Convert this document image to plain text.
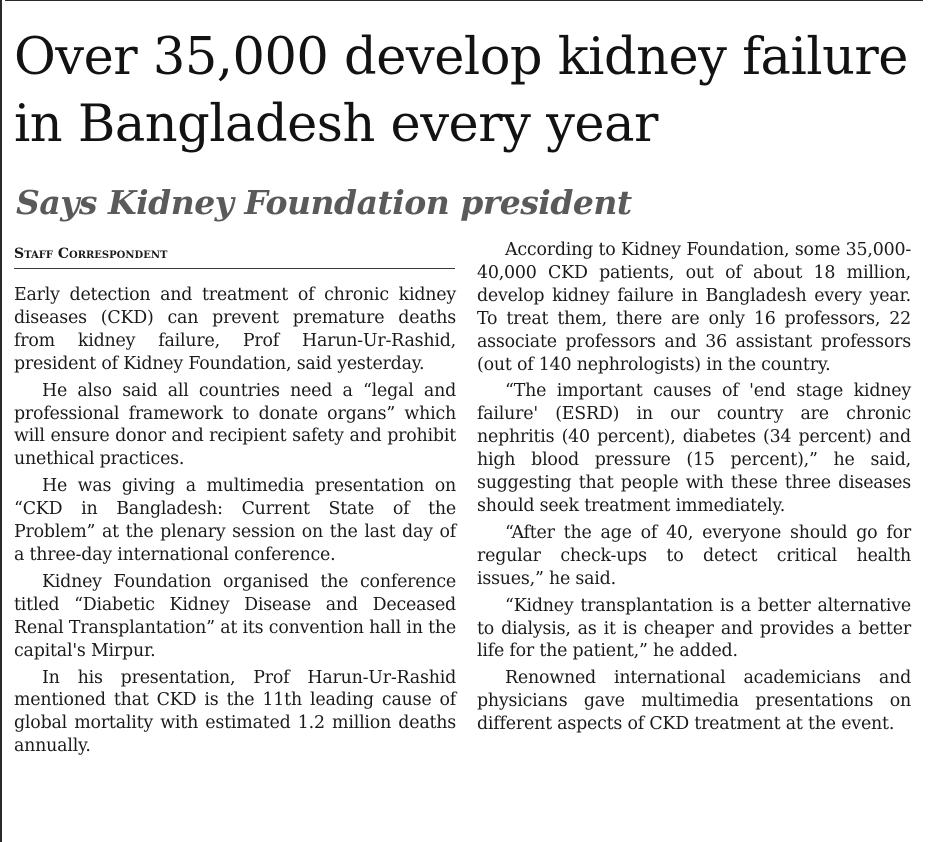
Over 35,000 develop kidney failure in Bangladesh every year
Says Kidney Foundation president
Staff Correspondent

Early detection and treatment of chronic kidney diseases (CKD) can prevent premature deaths from kidney failure, Prof Harun-Ur-Rashid, president of Kidney Foundation, said yesterday.

He also said all countries need a “legal and professional framework to donate organs” which will ensure donor and recipient safety and prohibit unethical practices.

He was giving a multimedia presentation on “CKD in Bangladesh: Current State of the Problem” at the plenary session on the last day of a three-day international conference.

Kidney Foundation organised the conference titled “Diabetic Kidney Disease and Deceased Renal Transplantation” at its convention hall in the capital's Mirpur.

In his presentation, Prof Harun-Ur-Rashid mentioned that CKD is the 11th leading cause of global mortality with estimated 1.2 million deaths annually.

According to Kidney Foundation, some 35,000-40,000 CKD patients, out of about 18 million, develop kidney failure in Bangladesh every year. To treat them, there are only 16 professors, 22 associate professors and 36 assistant professors (out of 140 nephrologists) in the country.

“The important causes of 'end stage kidney failure' (ESRD) in our country are chronic nephritis (40 percent), diabetes (34 percent) and high blood pressure (15 percent),” he said, suggesting that people with these three diseases should seek treatment immediately.

“After the age of 40, everyone should go for regular check-ups to detect critical health issues,” he said.

“Kidney transplantation is a better alternative to dialysis, as it is cheaper and provides a better life for the patient,” he added.

Renowned international academicians and physicians gave multimedia presentations on different aspects of CKD treatment at the event.
